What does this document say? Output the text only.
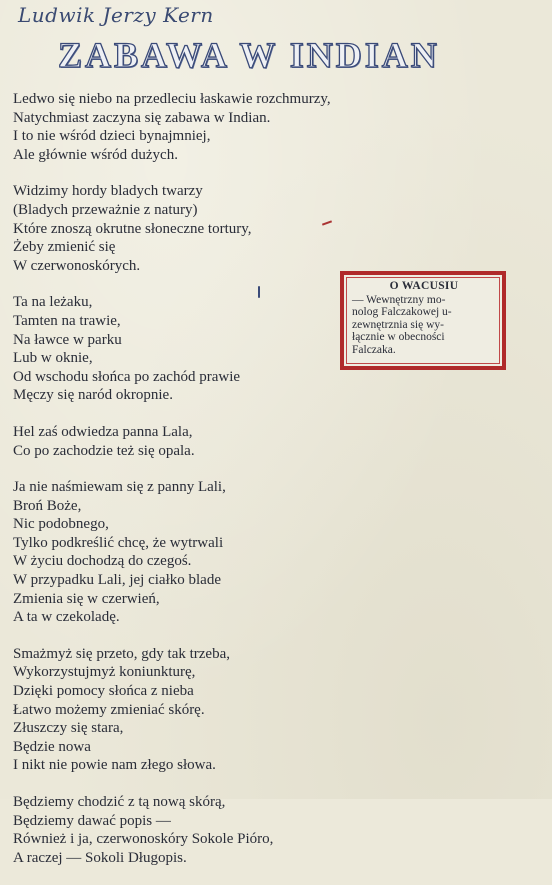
Ludwik Jerzy Kern
ZABAWA W INDIAN
Ledwo się niebo na przedleciu łaskawie rozchmurzy,
Natychmiast zaczyna się zabawa w Indian.
I to nie wśród dzieci bynajmniej,
Ale głównie wśród dużych.
Widzimy hordy bladych twarzy
(Bladych przeważnie z natury)
Które znoszą okrutne słoneczne tortury,
Żeby zmienić się
W czerwonoskórych.
Ta na leżaku,
Tamten na trawie,
Na ławce w parku
Lub w oknie,
Od wschodu słońca po zachód prawie
Męczy się naród okropnie.
Hel zaś odwiedza panna Lala,
Co po zachodzie też się opala.
Ja nie naśmiewam się z panny Lali,
Broń Boże,
Nic podobnego,
Tylko podkreślić chcę, że wytrwali
W życiu dochodzą do czegoś.
W przypadku Lali, jej ciałko blade
Zmienia się w czerwień,
A ta w czekoladę.
Smażmyż się przeto, gdy tak trzeba,
Wykorzystujmyż koniunkturę,
Dzięki pomocy słońca z nieba
Łatwo możemy zmieniać skórę.
Złuszczy się stara,
Będzie nowa
I nikt nie powie nam złego słowa.
Będziemy chodzić z tą nową skórą,
Będziemy dawać popis —
Również i ja, czerwonoskóry Sokole Pióro,
A raczej — Sokoli Długopis.
O WACUSIU
— Wewnętrzny mo-
nolog Falczakowej u-
zewnętrznia się wy-
łącznie w obecności
Falczaka.
